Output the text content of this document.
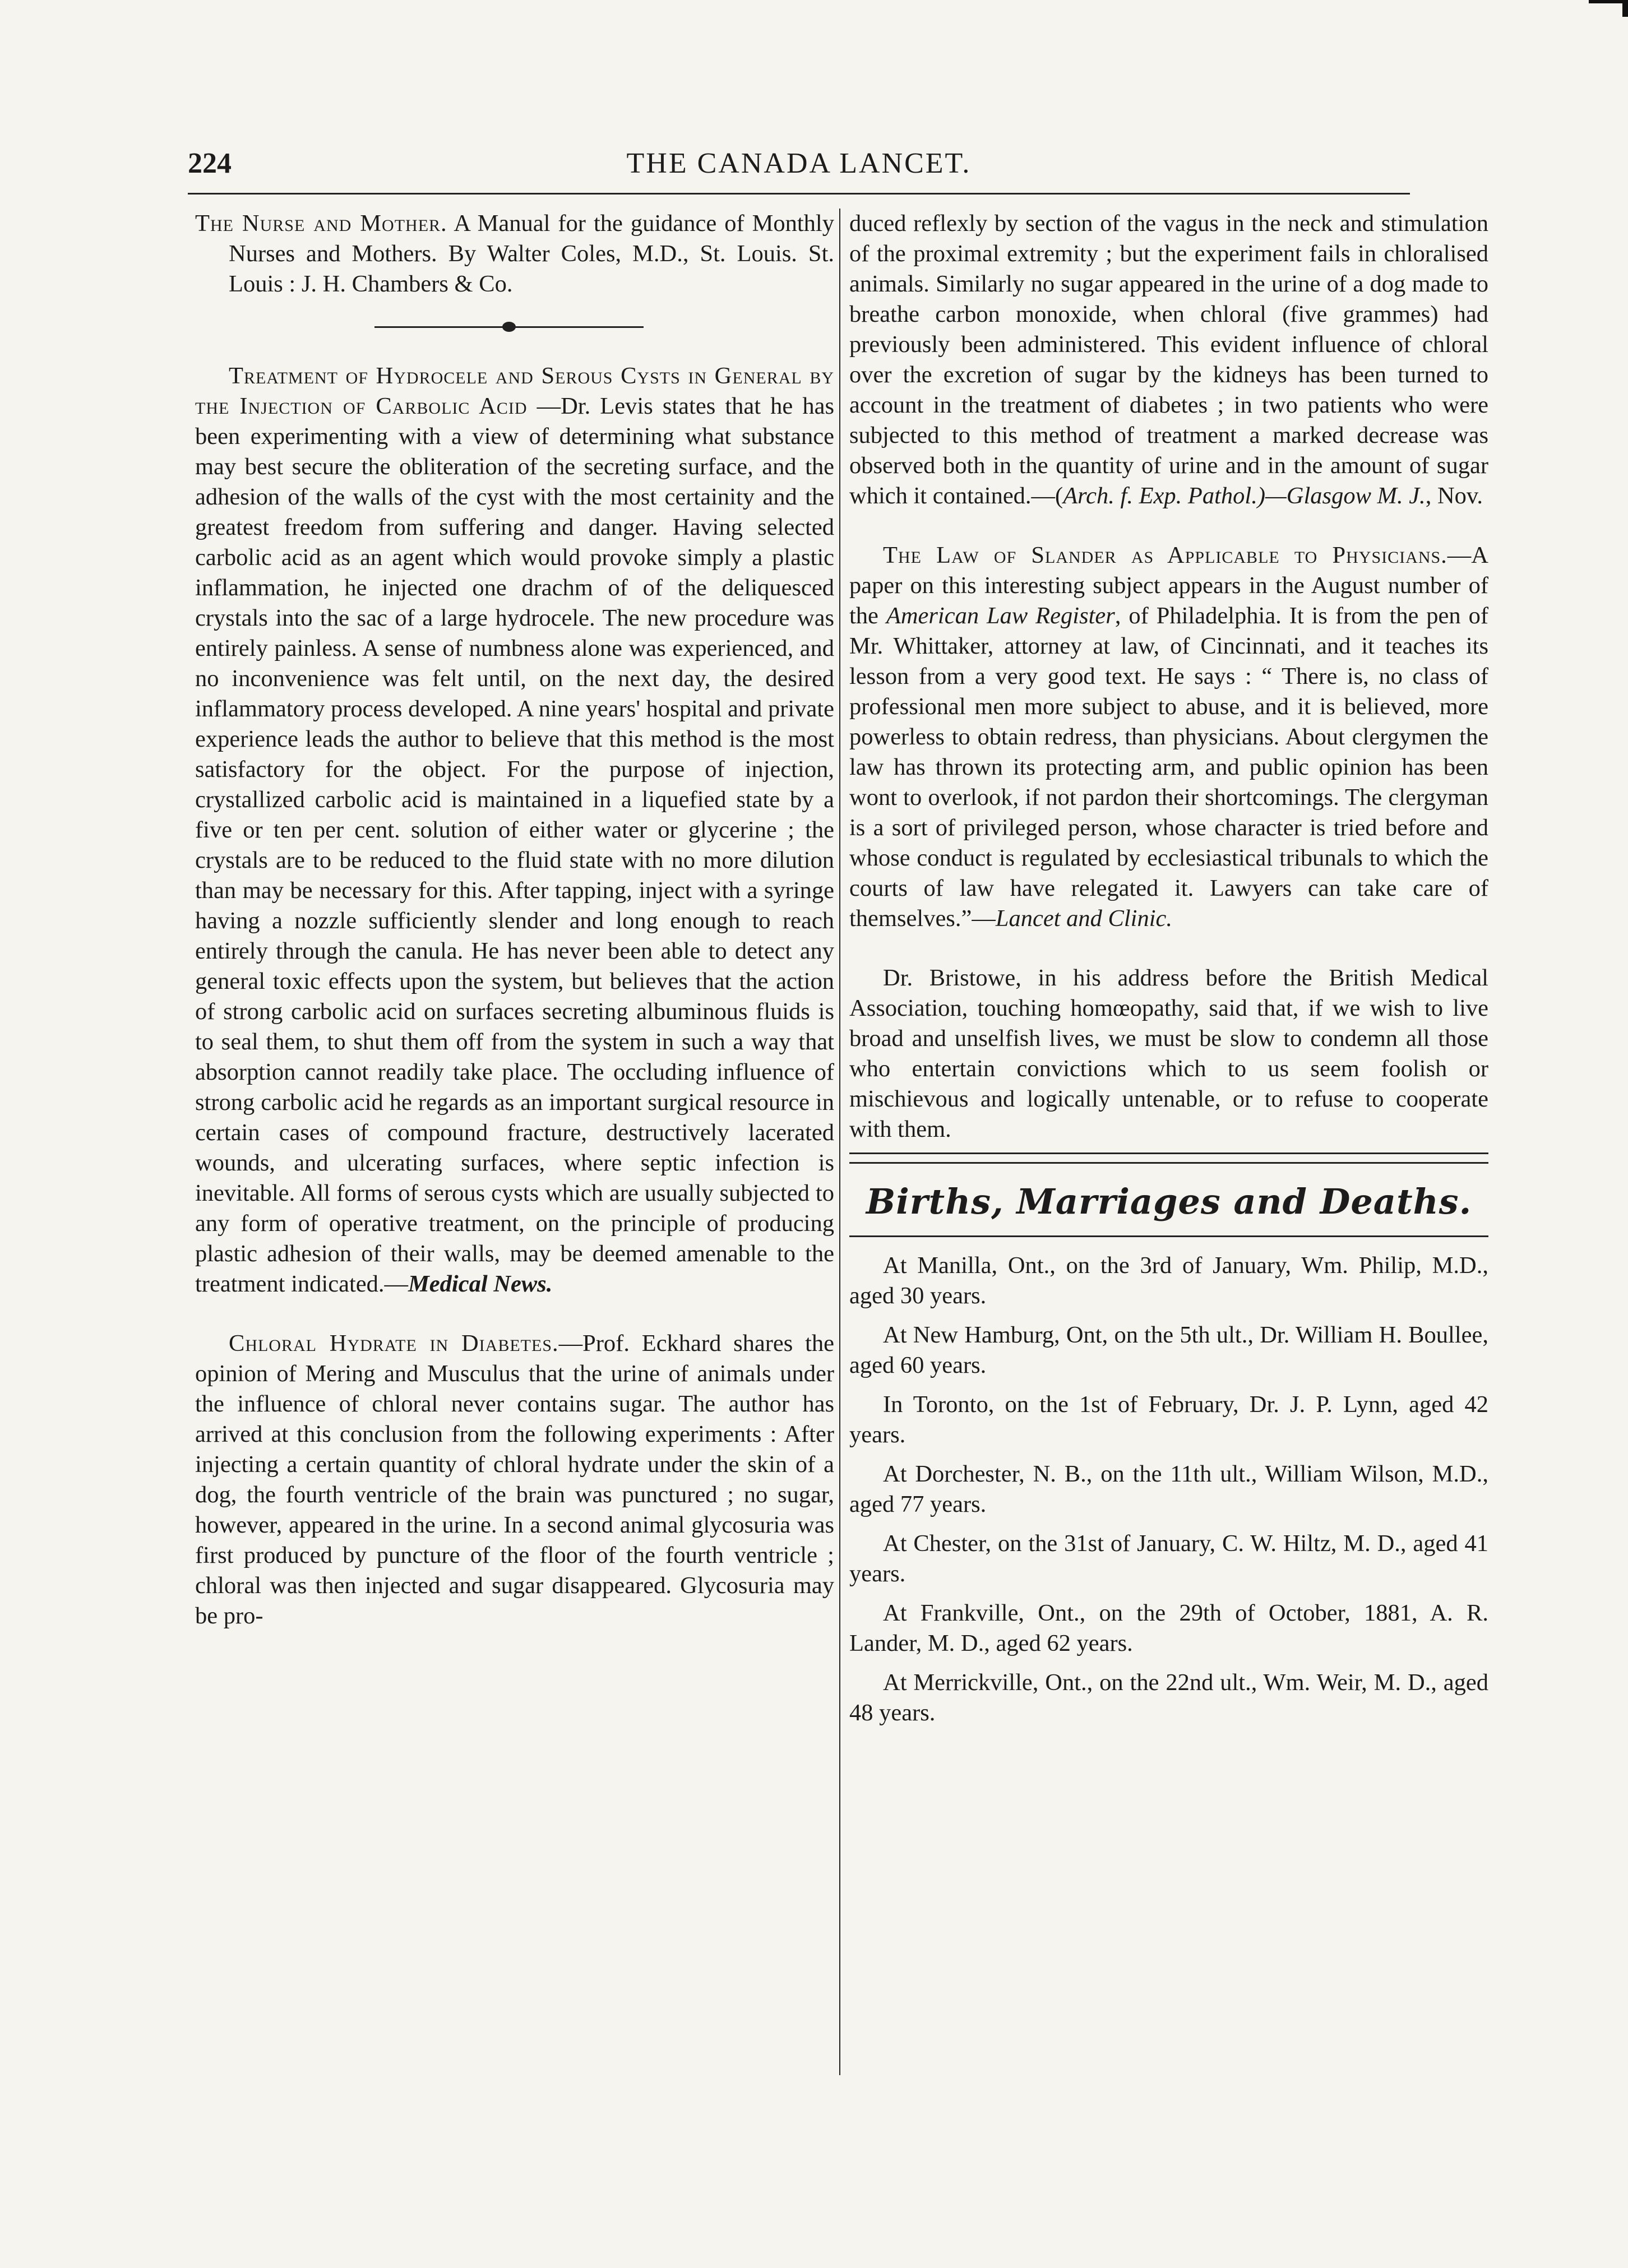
224	THE CANADA LANCET.

The Nurse and Mother. A Manual for the guidance of Monthly Nurses and Mothers. By Walter Coles, M.D., St. Louis. St. Louis : J. H. Chambers & Co.

Treatment of Hydrocele and Serous Cysts in General by the Injection of Carbolic Acid —Dr. Levis states that he has been experimenting with a view of determining what substance may best secure the obliteration of the secreting surface, and the adhesion of the walls of the cyst with the most certainity and the greatest freedom from suffering and danger. Having selected carbolic acid as an agent which would provoke simply a plastic inflammation, he injected one drachm of of the deliquesced crystals into the sac of a large hydrocele. The new procedure was entirely painless. A sense of numbness alone was experienced, and no inconvenience was felt until, on the next day, the desired inflammatory process developed. A nine years' hospital and private experience leads the author to believe that this method is the most satisfactory for the object. For the purpose of injection, crystallized carbolic acid is maintained in a liquefied state by a five or ten per cent. solution of either water or glycerine ; the crystals are to be reduced to the fluid state with no more dilution than may be necessary for this. After tapping, inject with a syringe having a nozzle sufficiently slender and long enough to reach entirely through the canula. He has never been able to detect any general toxic effects upon the system, but believes that the action of strong carbolic acid on surfaces secreting albuminous fluids is to seal them, to shut them off from the system in such a way that absorption cannot readily take place. The occluding influence of strong carbolic acid he regards as an important surgical resource in certain cases of compound fracture, destructively lacerated wounds, and ulcerating surfaces, where septic infection is inevitable. All forms of serous cysts which are usually subjected to any form of operative treatment, on the principle of producing plastic adhesion of their walls, may be deemed amenable to the treatment indicated.—Medical News.

Chloral Hydrate in Diabetes.—Prof. Eckhard shares the opinion of Mering and Musculus that the urine of animals under the influence of chloral never contains sugar. The author has arrived at this conclusion from the following experiments : After injecting a certain quantity of chloral hydrate under the skin of a dog, the fourth ventricle of the brain was punctured ; no sugar, however, appeared in the urine. In a second animal glycosuria was first produced by puncture of the floor of the fourth ventricle ; chloral was then injected and sugar disappeared. Glycosuria may be pro-

duced reflexly by section of the vagus in the neck and stimulation of the proximal extremity ; but the experiment fails in chloralised animals. Similarly no sugar appeared in the urine of a dog made to breathe carbon monoxide, when chloral (five grammes) had previously been administered. This evident influence of chloral over the excretion of sugar by the kidneys has been turned to account in the treatment of diabetes ; in two patients who were subjected to this method of treatment a marked decrease was observed both in the quantity of urine and in the amount of sugar which it contained.—(Arch. f. Exp. Pathol.)—Glasgow M. J., Nov.

The Law of Slander as Applicable to Physicians.—A paper on this interesting subject appears in the August number of the American Law Register, of Philadelphia. It is from the pen of Mr. Whittaker, attorney at law, of Cincinnati, and it teaches its lesson from a very good text. He says : “ There is, no class of professional men more subject to abuse, and it is believed, more powerless to obtain redress, than physicians. About clergymen the law has thrown its protecting arm, and public opinion has been wont to overlook, if not pardon their shortcomings. The clergyman is a sort of privileged person, whose character is tried before and whose conduct is regulated by ecclesiastical tribunals to which the courts of law have relegated it. Lawyers can take care of themselves.”—Lancet and Clinic.

Dr. Bristowe, in his address before the British Medical Association, touching homœopathy, said that, if we wish to live broad and unselfish lives, we must be slow to condemn all those who entertain convictions which to us seem foolish or mischievous and logically untenable, or to refuse to cooperate with them.

Births, Marriages and Deaths.

At Manilla, Ont., on the 3rd of January, Wm. Philip, M.D., aged 30 years.

At New Hamburg, Ont, on the 5th ult., Dr. William H. Boullee, aged 60 years.

In Toronto, on the 1st of February, Dr. J. P. Lynn, aged 42 years.

At Dorchester, N. B., on the 11th ult., William Wilson, M.D., aged 77 years.

At Chester, on the 31st of January, C. W. Hiltz, M. D., aged 41 years.

At Frankville, Ont., on the 29th of October, 1881, A. R. Lander, M. D., aged 62 years.

At Merrickville, Ont., on the 22nd ult., Wm. Weir, M. D., aged 48 years.
